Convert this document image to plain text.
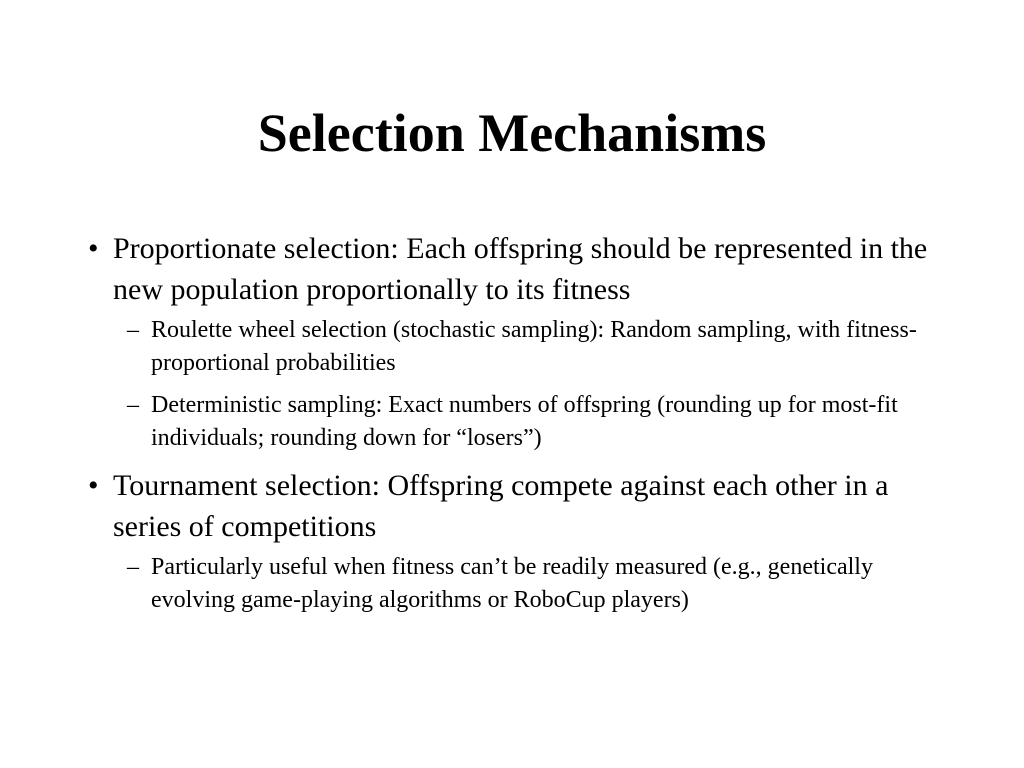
Selection Mechanisms
• Proportionate selection: Each offspring should be represented in the new population proportionally to its fitness
– Roulette wheel selection (stochastic sampling): Random sampling, with fitness-proportional probabilities
– Deterministic sampling: Exact numbers of offspring (rounding up for most-fit individuals; rounding down for “losers”)
• Tournament selection: Offspring compete against each other in a series of competitions
– Particularly useful when fitness can’t be readily measured (e.g., genetically evolving game-playing algorithms or RoboCup players)
